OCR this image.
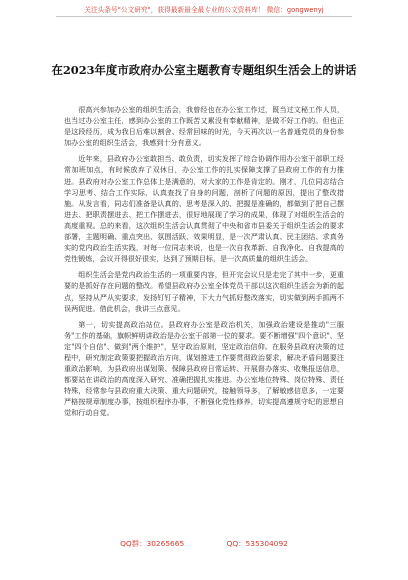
关注头条号"公文研究"，获得最新最全最专业的公文资料库！ 微信：gongwenyj
在2023年度市政府办公室主题教育专题组织生活会上的讲话

很高兴参加办公室的组织生活会，我曾经也在办公室工作过，既当过文秘工作人员，也当过办公室主任，感到办公室的工作既苦又累没有奉献精神，是做不好工作的。但也正是这段经历，成为我日后难以割舍、经常回味的时光，今天再次以一名普通党员的身份参加办公室的组织生活会，我感到十分有意义。

近年来，县政府办公室敢担当、敢负责，切实发挥了综合协调作用办公室干部职工经常加班加点，有时候放弃了双休日，办公室工作的扎实保障支撑了县政府工作的有力推进。县政府对办公室工作总体上是满意的，对大家的工作是肯定的。刚才，几位同志结合学习思考、结合工作实际，认真查找了自身的问题，剖析了问题的原因，提出了整改措施。从发言看，同志们准备是认真的、思考是深入的、把握是准确的，都做到了把自己摆进去、把职责摆进去、把工作摆进去，很好地展现了学习的成果，体现了对组织生活会的高度重视。总的来看，这次组织生活会认真贯彻了中央和省市县委关于组织生活会的要求部署，主题明确、重点突出、氛围活跃、效果明显，是一次严肃认真、民主团结、求真务实的党内政治生活实践，对每一位同志来说，也是一次自我革新、自我净化、自我提高的党性锻炼，会议开得很好很实，达到了预期目标，是一次高质量的组织生活会。

组织生活会是党内政治生活的一项重要内容，但开完会议只是走完了其中一步，更重要的是抓好存在问题的整改。希望县政府办公室全体党员干部以这次组织生活会为新的起点，坚持从严从实要求，发扬钉钉子精神，下大力气抓好整改落实，切实做到两手抓两不误两促进。借此机会，我讲三点意见。

第一，切实提高政治站位。县政府办公室是政治机关，加强政治建设是推动"三服务"工作的基础，旗帜鲜明讲政治是办公室干部第一位的要求。要不断增强"四个意识"、坚定"四个自信"、做到"两个维护"，坚守政治原则，坚定政治信仰。在服务县政府决策的过程中，研究制定政策要把握政治方向，谋划推进工作要贯彻政治要求，解决矛盾问题要注重政治影响，为县政府出谋划策、保障县政府日常运转、开展督办落实、收集报送信息，都要站在讲政治的高度深入研究、准确把握扎实推进。办公室地位特殊、岗位特殊、责任特殊，经常参与县政府重大决策、重大问题研究，接触领导多，了解敏感信息多，一定要严格按规章制度办事，按组织程序办事，不断强化党性修养，切实提高遵规守纪的思想自觉和行动自觉。

QQ群：30265665	QQ：535304092
